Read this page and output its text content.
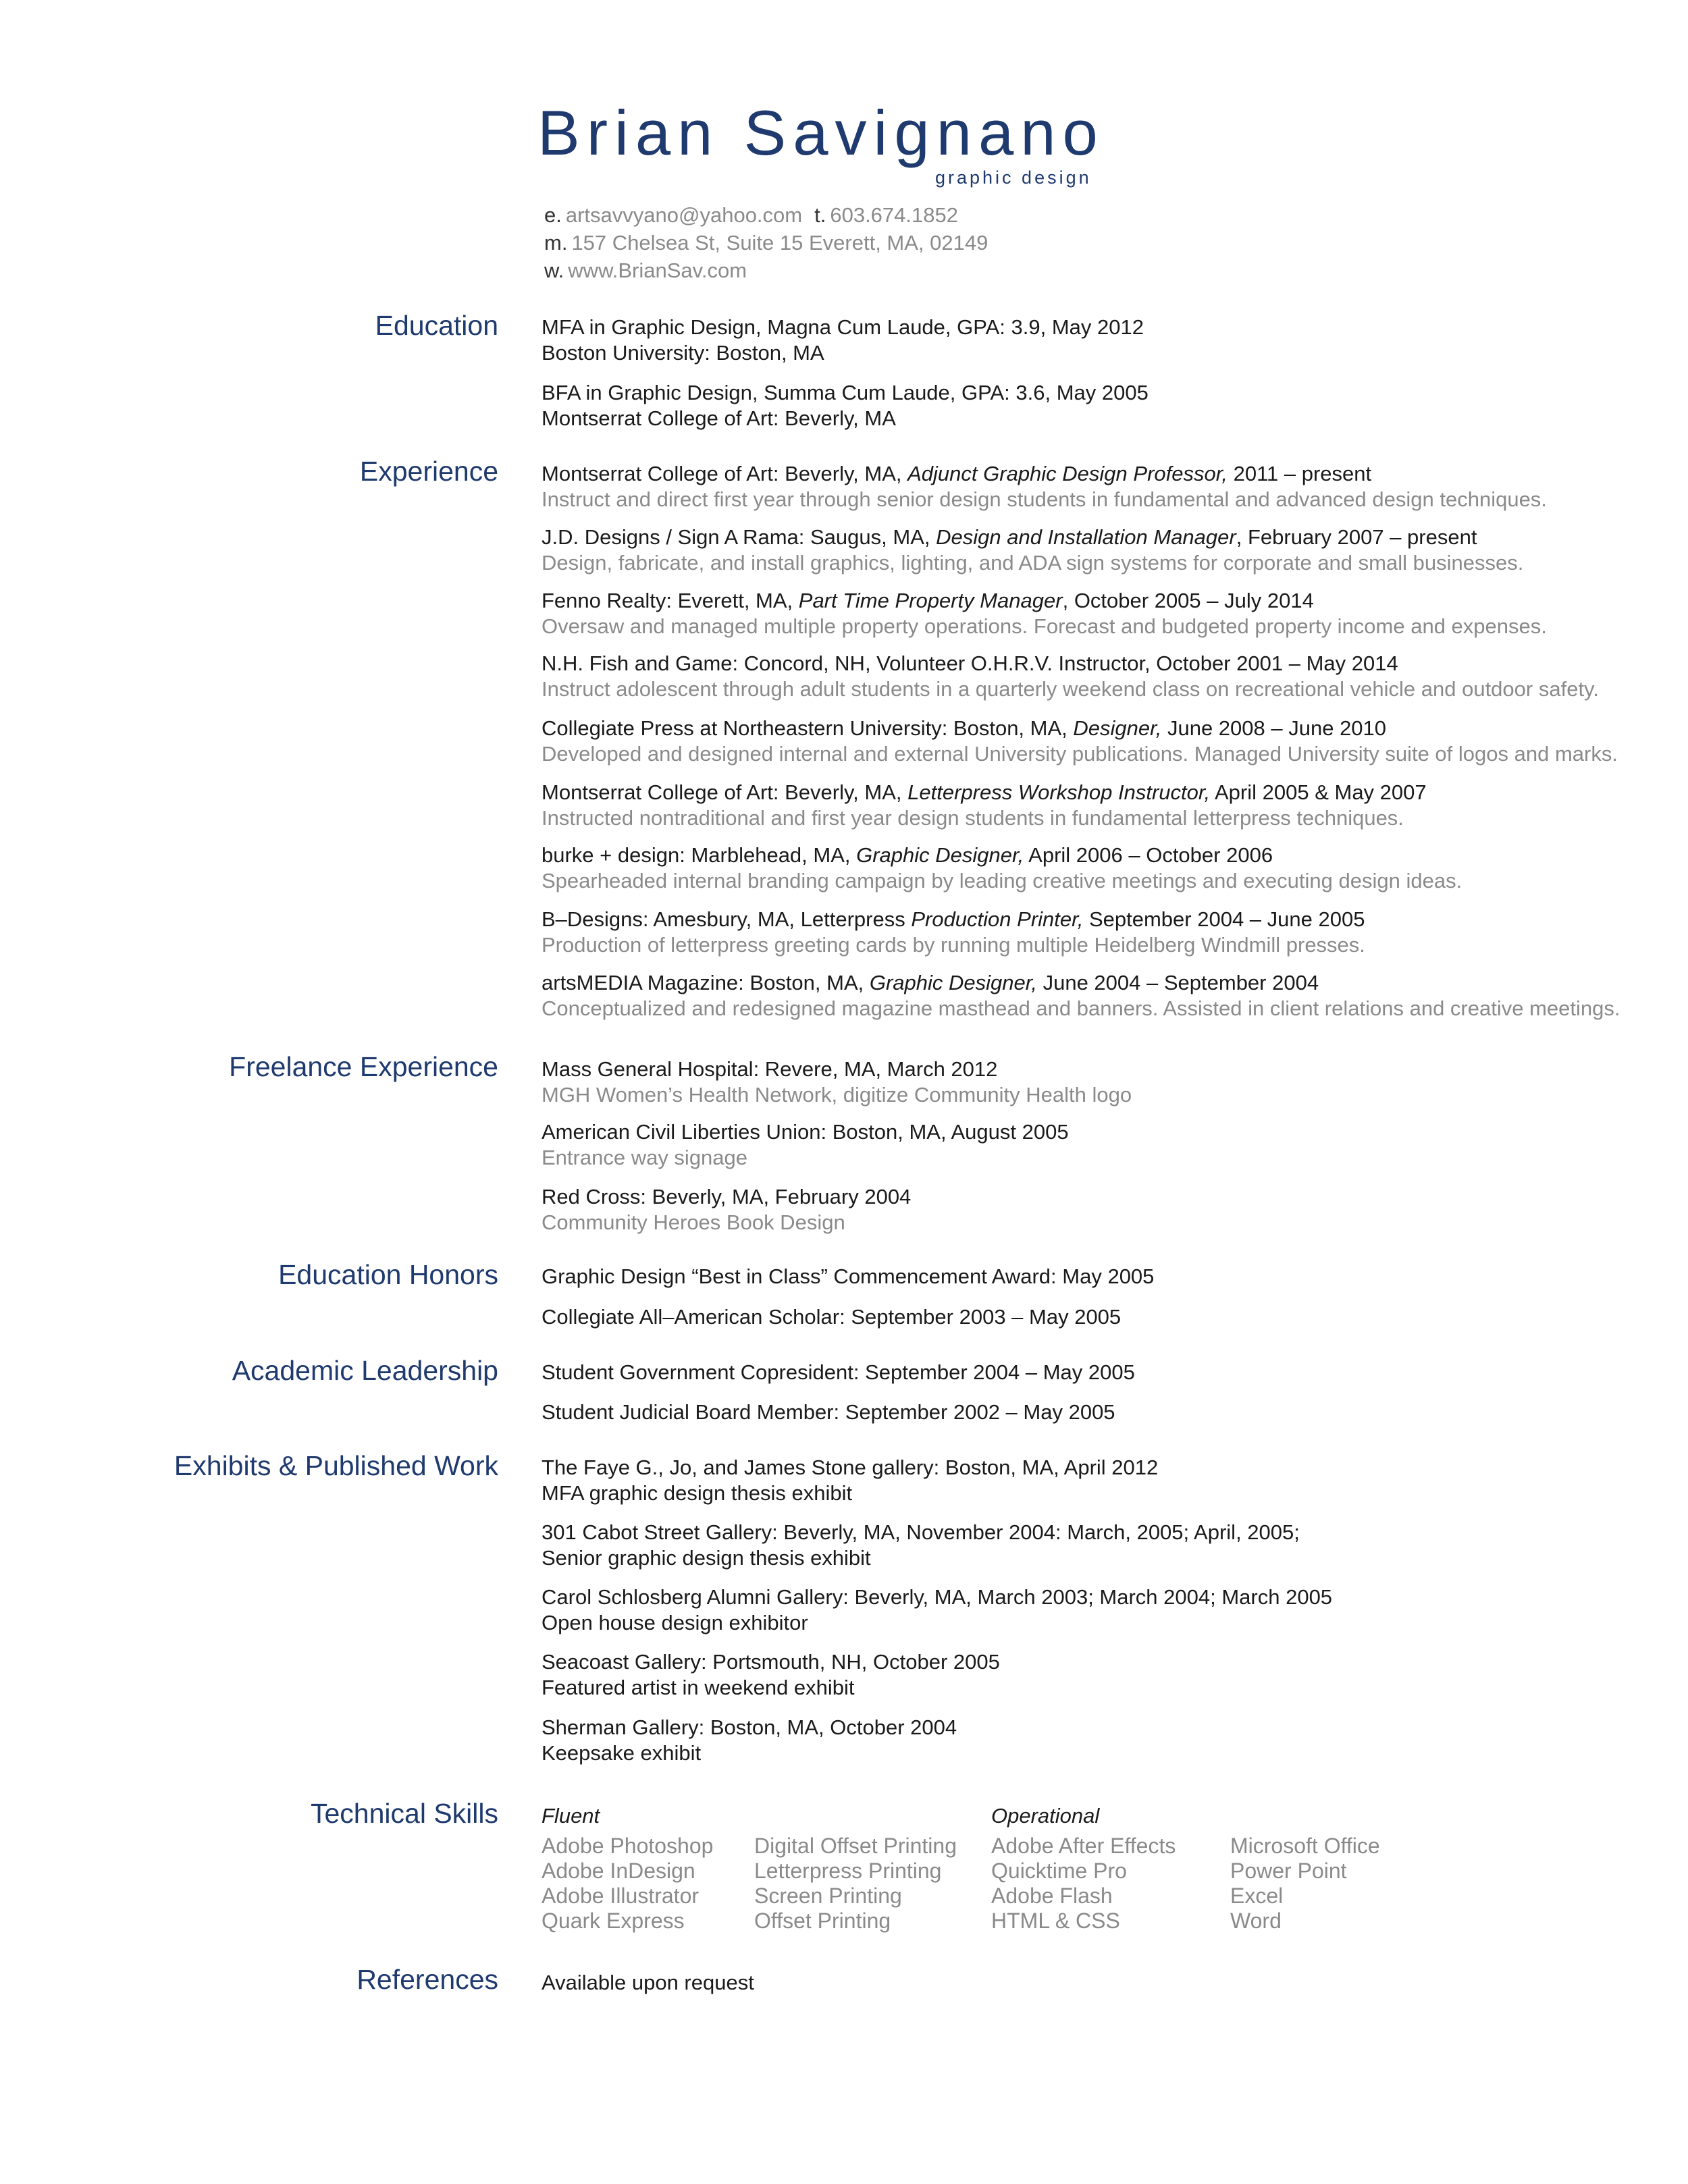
Brian Savignano
graphic design
e. artsavvyano@yahoo.com t. 603.674.1852
m. 157 Chelsea St, Suite 15 Everett, MA, 02149
w. www.BrianSav.com
Education MFA in Graphic Design, Magna Cum Laude, GPA: 3.9, May 2012
Boston University: Boston, MA
BFA in Graphic Design, Summa Cum Laude, GPA: 3.6, May 2005
Montserrat College of Art: Beverly, MA
Experience Montserrat College of Art: Beverly, MA, Adjunct Graphic Design Professor, 2011 – present
Instruct and direct first year through senior design students in fundamental and advanced design techniques.
J.D. Designs / Sign A Rama: Saugus, MA, Design and Installation Manager, February 2007 – present
Design, fabricate, and install graphics, lighting, and ADA sign systems for corporate and small businesses.
Fenno Realty: Everett, MA, Part Time Property Manager, October 2005 – July 2014
Oversaw and managed multiple property operations. Forecast and budgeted property income and expenses.
N.H. Fish and Game: Concord, NH, Volunteer O.H.R.V. Instructor, October 2001 – May 2014
Instruct adolescent through adult students in a quarterly weekend class on recreational vehicle and outdoor safety.
Collegiate Press at Northeastern University: Boston, MA, Designer, June 2008 – June 2010
Developed and designed internal and external University publications. Managed University suite of logos and marks.
Montserrat College of Art: Beverly, MA, Letterpress Workshop Instructor, April 2005 & May 2007
Instructed nontraditional and first year design students in fundamental letterpress techniques.
burke + design: Marblehead, MA, Graphic Designer, April 2006 – October 2006
Spearheaded internal branding campaign by leading creative meetings and executing design ideas.
B–Designs: Amesbury, MA, Letterpress Production Printer, September 2004 – June 2005
Production of letterpress greeting cards by running multiple Heidelberg Windmill presses.
artsMEDIA Magazine: Boston, MA, Graphic Designer, June 2004 – September 2004
Conceptualized and redesigned magazine masthead and banners. Assisted in client relations and creative meetings.
Freelance Experience Mass General Hospital: Revere, MA, March 2012
MGH Women’s Health Network, digitize Community Health logo
American Civil Liberties Union: Boston, MA, August 2005
Entrance way signage
Red Cross: Beverly, MA, February 2004
Community Heroes Book Design
Education Honors Graphic Design “Best in Class” Commencement Award: May 2005
Collegiate All–American Scholar: September 2003 – May 2005
Academic Leadership Student Government Copresident: September 2004 – May 2005
Student Judicial Board Member: September 2002 – May 2005
Exhibits & Published Work The Faye G., Jo, and James Stone gallery: Boston, MA, April 2012
MFA graphic design thesis exhibit
301 Cabot Street Gallery: Beverly, MA, November 2004: March, 2005; April, 2005;
Senior graphic design thesis exhibit
Carol Schlosberg Alumni Gallery: Beverly, MA, March 2003; March 2004; March 2005
Open house design exhibitor
Seacoast Gallery: Portsmouth, NH, October 2005
Featured artist in weekend exhibit
Sherman Gallery: Boston, MA, October 2004
Keepsake exhibit
Technical Skills Fluent	Operational
Adobe Photoshop
Adobe InDesign
Adobe Illustrator
Quark Express
Digital Offset Printing
Letterpress Printing
Screen Printing
Offset Printing
Adobe After Effects
Quicktime Pro
Adobe Flash
HTML & CSS
Microsoft Office
Power Point
Excel
Word
References Available upon request
